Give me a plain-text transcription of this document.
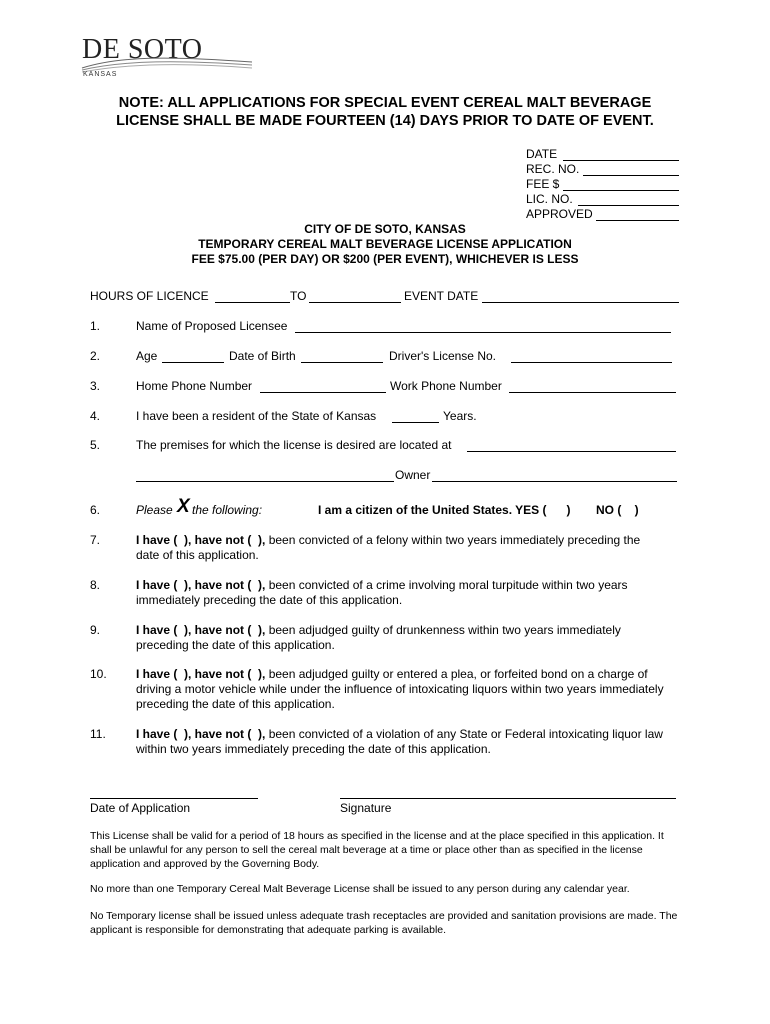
DE SOTO
KANSAS
NOTE: ALL APPLICATIONS FOR SPECIAL EVENT CEREAL MALT BEVERAGE
LICENSE SHALL BE MADE FOURTEEN (14) DAYS PRIOR TO DATE OF EVENT.
DATE
REC. NO.
FEE $
LIC. NO.
APPROVED
CITY OF DE SOTO, KANSAS
TEMPORARY CEREAL MALT BEVERAGE LICENSE APPLICATION
FEE $75.00 (PER DAY) OR $200 (PER EVENT), WHICHEVER IS LESS
HOURS OF LICENCE	TO	EVENT DATE
1.	Name of Proposed Licensee
2.	Age	Date of Birth	Driver's License No.
3.	Home Phone Number	Work Phone Number
4.	I have been a resident of the State of Kansas	Years.
5.	The premises for which the license is desired are located at
Owner
6.	Please X the following:	I am a citizen of the United States. YES (      ) NO (    )
7.	I have (  ), have not (  ), been convicted of a felony within two years immediately preceding the date of this application.
8.	I have (  ), have not (  ), been convicted of a crime involving moral turpitude within two years immediately preceding the date of this application.
9.	I have (  ), have not (  ), been adjudged guilty of drunkenness within two years immediately preceding the date of this application.
10.	I have (  ), have not (  ), been adjudged guilty or entered a plea, or forfeited bond on a charge of driving a motor vehicle while under the influence of intoxicating liquors within two years immediately preceding the date of this application.
11.	I have (  ), have not (  ), been convicted of a violation of any State or Federal intoxicating liquor law within two years immediately preceding the date of this application.
Date of Application	Signature
This License shall be valid for a period of 18 hours as specified in the license and at the place specified in this application. It shall be unlawful for any person to sell the cereal malt beverage at a time or place other than as specified in the license application and approved by the Governing Body.
No more than one Temporary Cereal Malt Beverage License shall be issued to any person during any calendar year.
No Temporary license shall be issued unless adequate trash receptacles are provided and sanitation provisions are made. The applicant is responsible for demonstrating that adequate parking is available.
